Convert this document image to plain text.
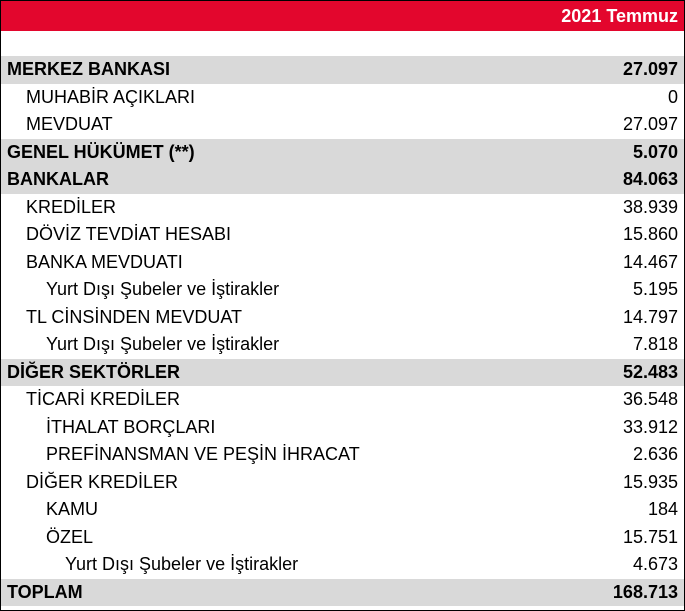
2021 Temmuz
MERKEZ BANKASI	27.097
MUHABİR AÇIKLARI	0
MEVDUAT	27.097
GENEL HÜKÜMET (**)	5.070
BANKALAR	84.063
KREDİLER	38.939
DÖVİZ TEVDİAT HESABI	15.860
BANKA MEVDUATI	14.467
Yurt Dışı Şubeler ve İştirakler	5.195
TL CİNSİNDEN MEVDUAT	14.797
Yurt Dışı Şubeler ve İştirakler	7.818
DİĞER SEKTÖRLER	52.483
TİCARİ KREDİLER	36.548
İTHALAT BORÇLARI	33.912
PREFİNANSMAN VE PEŞİN İHRACAT	2.636
DİĞER KREDİLER	15.935
KAMU	184
ÖZEL	15.751
Yurt Dışı Şubeler ve İştirakler	4.673
TOPLAM	168.713
